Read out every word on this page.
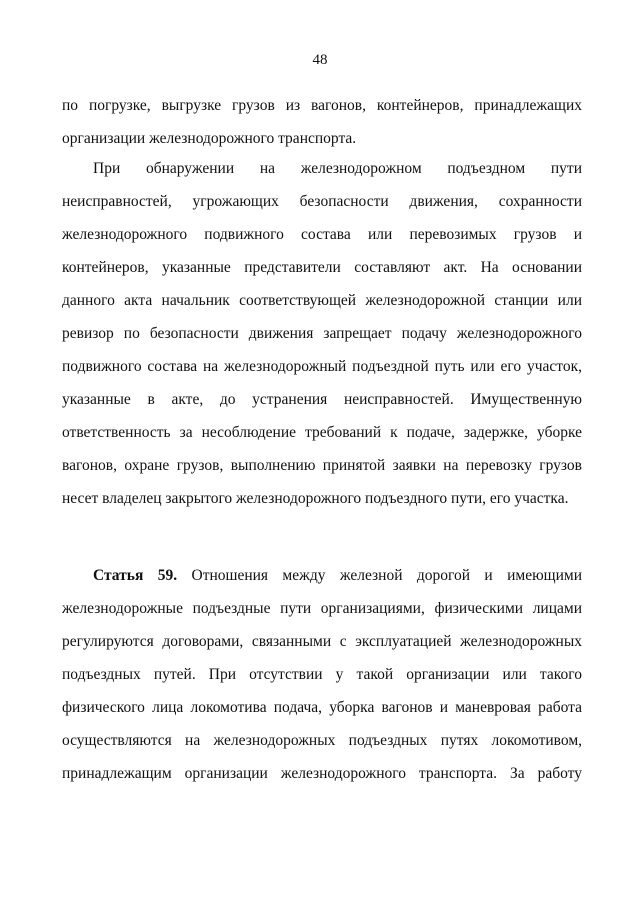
48
по погрузке, выгрузке грузов из вагонов, контейнеров, принадлежащих
организации железнодорожного транспорта.
При обнаружении на железнодорожном подъездном пути
неисправностей, угрожающих безопасности движения, сохранности
железнодорожного подвижного состава или перевозимых грузов и
контейнеров, указанные представители составляют акт. На основании
данного акта начальник соответствующей железнодорожной станции или
ревизор по безопасности движения запрещает подачу железнодорожного
подвижного состава на железнодорожный подъездной путь или его участок,
указанные в акте, до устранения неисправностей. Имущественную
ответственность за несоблюдение требований к подаче, задержке, уборке
вагонов, охране грузов, выполнению принятой заявки на перевозку грузов
несет владелец закрытого железнодорожного подъездного пути, его участка.
Статья 59. Отношения между железной дорогой и имеющими
железнодорожные подъездные пути организациями, физическими лицами
регулируются договорами, связанными с эксплуатацией железнодорожных
подъездных путей. При отсутствии у такой организации или такого
физического лица локомотива подача, уборка вагонов и маневровая работа
осуществляются на железнодорожных подъездных путях локомотивом,
принадлежащим организации железнодорожного транспорта. За работу
